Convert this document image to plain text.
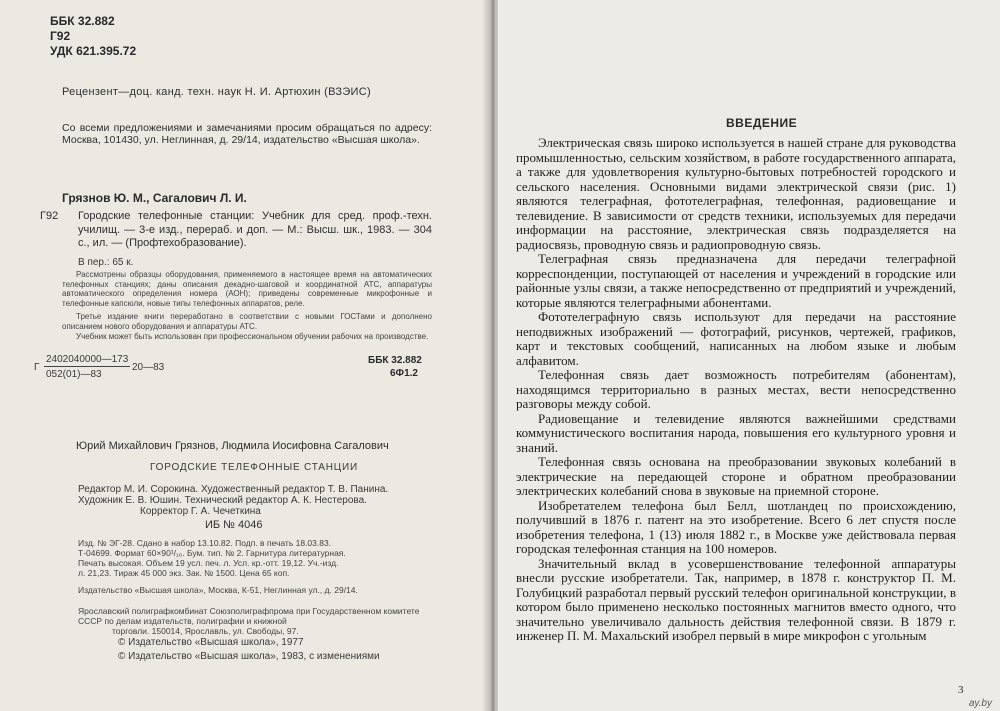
ББК 32.882
Г92
УДК 621.395.72
Рецензент—доц. канд. техн. наук Н. И. Артюхин (ВЗЭИС)
Со всеми предложениями и замечаниями просим обращаться по адресу: Москва, 101430, ул. Неглинная, д. 29/14, издательство «Высшая школа».
Грязнов Ю. М., Сагалович Л. И.
Г92 Городские телефонные станции: Учебник для сред. проф.-техн. училищ. — 3-е изд., перераб. и доп. — М.: Высш. шк., 1983. — 304 с., ил. — (Профтехобразование).
В пер.: 65 к.
Рассмотрены образцы оборудования, применяемого в настоящее время на автоматических телефонных станциях; даны описания декадно-шаговой и координатной АТС, аппаратуры автоматического определения номера (АОН); приведены современные микрофонные и телефонные капсюли, новые типы телефонных аппаратов, реле.
Третье издание книги переработано в соответствии с новыми ГОСТами и дополнено описанием нового оборудования и аппаратуры АТС.
Учебник может быть использован при профессиональном обучении рабочих на производстве.
Г
2402040000—173
052(01)—83
20—83
ББК 32.882
6Ф1.2
Юрий Михайлович Грязнов, Людмила Иосифовна Сагалович
ГОРОДСКИЕ ТЕЛЕФОННЫЕ СТАНЦИИ
Редактор М. И. Сорокина. Художественный редактор Т. В. Панина.
Художник Е. В. Юшин. Технический редактор А. К. Нестерова.
Корректор Г. А. Чечеткина
ИБ № 4046
Изд. № ЭГ-28. Сдано в набор 13.10.82. Подп. в печать 18.03.83.
Т-04699. Формат 60×90¹/₁₆. Бум. тип. № 2. Гарнитура литературная.
Печать высокая. Объем 19 усл. печ. л. Усл. кр.-отт. 19,12. Уч.-изд.
л. 21,23. Тираж 45 000 экз. Зак. № 1500. Цена 65 коп.
Издательство «Высшая школа», Москва, К-51, Неглинная ул., д. 29/14.
Ярославский полиграфкомбинат Союзполиграфпрома при Государственном комитете СССР по делам издательств, полиграфии и книжной
торговли. 150014, Ярославль, ул. Свободы, 97.
© Издательство «Высшая школа», 1977
© Издательство «Высшая школа», 1983, с изменениями
ВВЕДЕНИЕ

Электрическая связь широко используется в нашей стране для руководства промышленностью, сельским хозяйством, в работе государственного аппарата, а также для удовлетворения культурно-бытовых потребностей городского и сельского населения. Основными видами электрической связи (рис. 1) являются телеграфная, фототелеграфная, телефонная, радиовещание и телевидение. В зависимости от средств техники, используемых для передачи информации на расстояние, электрическая связь подразделяется на радиосвязь, проводную связь и радиопроводную связь.

Телеграфная связь предназначена для передачи телеграфной корреспонденции, поступающей от населения и учреждений в городские или районные узлы связи, а также непосредственно от предприятий и учреждений, которые являются телеграфными абонентами.

Фототелеграфную связь используют для передачи на расстояние неподвижных изображений — фотографий, рисунков, чертежей, графиков, карт и текстовых сообщений, написанных на любом языке и любым алфавитом.

Телефонная связь дает возможность потребителям (абонентам), находящимся территориально в разных местах, вести непосредственно разговоры между собой.

Радиовещание и телевидение являются важнейшими средствами коммунистического воспитания народа, повышения его культурного уровня и знаний.

Телефонная связь основана на преобразовании звуковых колебаний в электрические на передающей стороне и обратном преобразовании электрических колебаний снова в звуковые на приемной стороне.

Изобретателем телефона был Белл, шотландец по происхождению, получивший в 1876 г. патент на это изобретение. Всего 6 лет спустя после изобретения телефона, 1 (13) июля 1882 г., в Москве уже действовала первая городская телефонная станция на 100 номеров.

Значительный вклад в усовершенствование телефонной аппаратуры внесли русские изобретатели. Так, например, в 1878 г. конструктор П. М. Голубицкий разработал первый русский телефон оригинальной конструкции, в котором было применено несколько постоянных магнитов вместо одного, что значительно увеличивало дальность действия телефонной связи. В 1879 г. инженер П. М. Махальский изобрел первый в мире микрофон с угольным

3
ay.by
